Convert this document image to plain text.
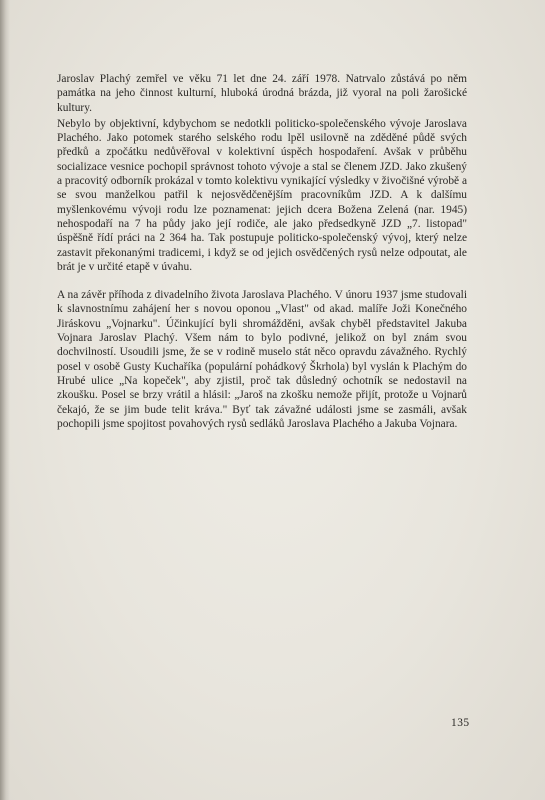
Jaroslav Plachý zemřel ve věku 71 let dne 24. září 1978. Natrvalo zůstává po něm památka na jeho činnost kulturní, hluboká úrodná brázda, již vyoral na poli žarošické kultury.

Nebylo by objektivní, kdybychom se nedotkli politicko-společenského vývoje Jaroslava Plachého. Jako potomek starého selského rodu lpěl usilovně na zděděné půdě svých předků a zpočátku nedůvěřoval v kolektivní úspěch hospodaření. Avšak v průběhu socializace vesnice pochopil správnost tohoto vývoje a stal se členem JZD. Jako zkušený a pracovitý odborník prokázal v tomto kolektivu vynikající výsledky v živočišné výrobě a se svou manželkou patřil k nejosvědčenějším pracovníkům JZD. A k dalšímu myšlenkovému vývoji rodu lze poznamenat: jejich dcera Božena Zelená (nar. 1945) nehospodaří na 7 ha půdy jako její rodiče, ale jako předsedkyně JZD „7. listopad" úspěšně řídí práci na 2 364 ha. Tak postupuje politicko-společenský vývoj, který nelze zastavit překonanými tradicemi, i když se od jejich osvědčených rysů nelze odpoutat, ale brát je v určité etapě v úvahu.

A na závěr příhoda z divadelního života Jaroslava Plachého. V únoru 1937 jsme studovali k slavnostnímu zahájení her s novou oponou „Vlast" od akad. malíře Joži Konečného Jiráskovu „Vojnarku". Účinkující byli shromážděni, avšak chyběl představitel Jakuba Vojnara Jaroslav Plachý. Všem nám to bylo podivné, jelikož on byl znám svou dochvilností. Usoudili jsme, že se v rodině muselo stát něco opravdu závažného. Rychlý posel v osobě Gusty Kuchaříka (populární pohádkový Škrhola) byl vyslán k Plachým do Hrubé ulice „Na kopeček", aby zjistil, proč tak důsledný ochotník se nedostavil na zkoušku. Posel se brzy vrátil a hlásil: „Jaroš na zkošku nemože přijít, protože u Vojnarů čekajó, že se jim bude telit kráva." Byť tak závažné události jsme se zasmáli, avšak pochopili jsme spojitost povahových rysů sedláků Jaroslava Plachého a Jakuba Vojnara.

135
